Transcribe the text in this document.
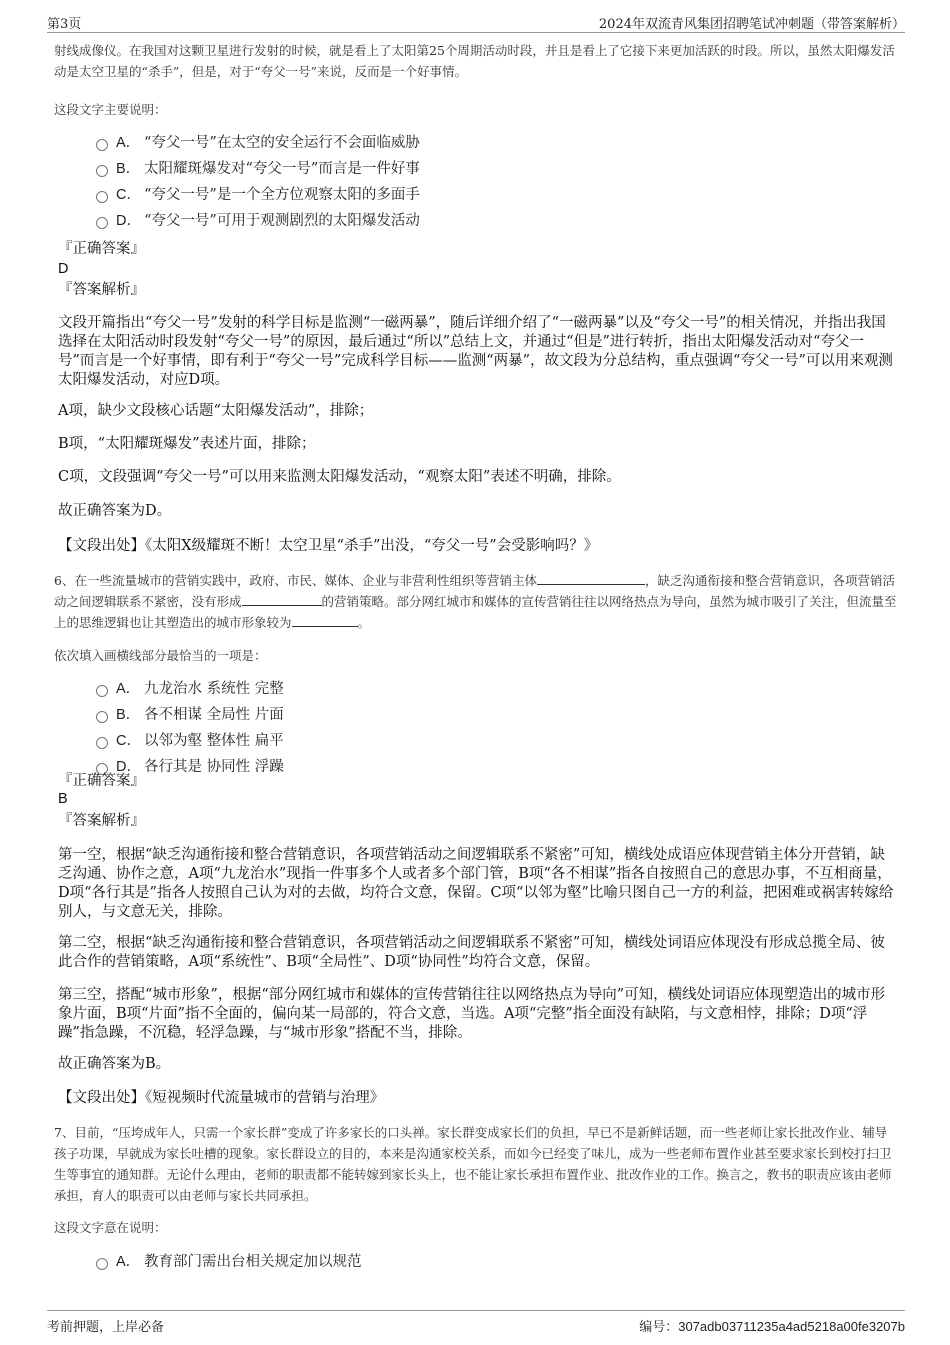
第3页	2024年双流青风集团招聘笔试冲刺题（带答案解析）

射线成像仪。在我国对这颗卫星进行发射的时候，就是看上了太阳第25个周期活动时段，并且是看上了它接下来更加活跃的时段。所以，虽然太阳爆发活动是太空卫星的“杀手”，但是，对于“夸父一号”来说，反而是一个好事情。

这段文字主要说明：

A． “夸父一号”在太空的安全运行不会面临威胁
B． 太阳耀斑爆发对“夸父一号”而言是一件好事
C． “夸父一号”是一个全方位观察太阳的多面手
D． “夸父一号”可用于观测剧烈的太阳爆发活动

『正确答案』

D

『答案解析』

文段开篇指出“夸父一号”发射的科学目标是监测“一磁两暴”，随后详细介绍了“一磁两暴”以及“夸父一号”的相关情况，并指出我国选择在太阳活动时段发射“夸父一号”的原因，最后通过“所以”总结上文，并通过“但是”进行转折，指出太阳爆发活动对“夸父一号”而言是一个好事情，即有利于“夸父一号”完成科学目标——监测“两暴”，故文段为分总结构，重点强调“夸父一号”可以用来观测太阳爆发活动，对应D项。

A项，缺少文段核心话题“太阳爆发活动”，排除；

B项，“太阳耀斑爆发”表述片面，排除；

C项，文段强调“夸父一号”可以用来监测太阳爆发活动，“观察太阳”表述不明确，排除。

故正确答案为D。

【文段出处】《太阳X级耀斑不断！太空卫星“杀手”出没，“夸父一号”会受影响吗？》

6、在一些流量城市的营销实践中，政府、市民、媒体、企业与非营利性组织等营销主体	，缺乏沟通衔接和整合营销意识，各项营销活动之间逻辑联系不紧密，没有形成	的营销策略。部分网红城市和媒体的宣传营销往往以网络热点为导向，虽然为城市吸引了关注，但流量至上的思维逻辑也让其塑造出的城市形象较为	。

依次填入画横线部分最恰当的一项是：

A． 九龙治水 系统性 完整
B． 各不相谋 全局性 片面
C． 以邻为壑 整体性 扁平
D． 各行其是 协同性 浮躁

『正确答案』

B

『答案解析』

第一空，根据“缺乏沟通衔接和整合营销意识，各项营销活动之间逻辑联系不紧密”可知，横线处成语应体现营销主体分开营销，缺乏沟通、协作之意，A项“九龙治水”现指一件事多个人或者多个部门管，B项“各不相谋”指各自按照自己的意思办事，不互相商量，D项“各行其是”指各人按照自己认为对的去做，均符合文意，保留。C项“以邻为壑”比喻只图自己一方的利益，把困难或祸害转嫁给别人，与文意无关，排除。

第二空，根据“缺乏沟通衔接和整合营销意识，各项营销活动之间逻辑联系不紧密”可知，横线处词语应体现没有形成总揽全局、彼此合作的营销策略，A项“系统性”、B项“全局性”、D项“协同性”均符合文意，保留。

第三空，搭配“城市形象”，根据“部分网红城市和媒体的宣传营销往往以网络热点为导向”可知，横线处词语应体现塑造出的城市形象片面，B项“片面”指不全面的，偏向某一局部的，符合文意，当选。A项“完整”指全面没有缺陷，与文意相悖，排除；D项“浮躁”指急躁，不沉稳，轻浮急躁，与“城市形象”搭配不当，排除。

故正确答案为B。

【文段出处】《短视频时代流量城市的营销与治理》

7、目前，“压垮成年人，只需一个家长群”变成了许多家长的口头禅。家长群变成家长们的负担，早已不是新鲜话题，而一些老师让家长批改作业、辅导孩子功课，早就成为家长吐槽的现象。家长群设立的目的，本来是沟通家校关系，而如今已经变了味儿，成为一些老师布置作业甚至要求家长到校打扫卫生等事宜的通知群。无论什么理由，老师的职责都不能转嫁到家长头上，也不能让家长承担布置作业、批改作业的工作。换言之，教书的职责应该由老师承担，育人的职责可以由老师与家长共同承担。

这段文字意在说明：

A． 教育部门需出台相关规定加以规范
考前押题，上岸必备	编号：307adb03711235a4ad5218a00fe3207b
